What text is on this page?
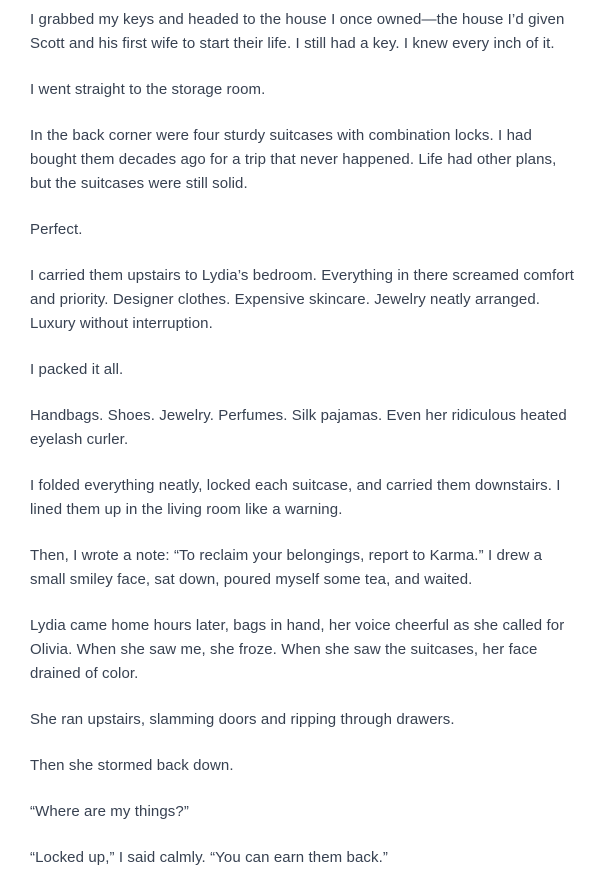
I grabbed my keys and headed to the house I once owned—the house I’d given Scott and his first wife to start their life. I still had a key. I knew every inch of it.

I went straight to the storage room.

In the back corner were four sturdy suitcases with combination locks. I had bought them decades ago for a trip that never happened. Life had other plans, but the suitcases were still solid.

Perfect.

I carried them upstairs to Lydia’s bedroom. Everything in there screamed comfort and priority. Designer clothes. Expensive skincare. Jewelry neatly arranged. Luxury without interruption.

I packed it all.

Handbags. Shoes. Jewelry. Perfumes. Silk pajamas. Even her ridiculous heated eyelash curler.

I folded everything neatly, locked each suitcase, and carried them downstairs. I lined them up in the living room like a warning.

Then, I wrote a note: “To reclaim your belongings, report to Karma.” I drew a small smiley face, sat down, poured myself some tea, and waited.

Lydia came home hours later, bags in hand, her voice cheerful as she called for Olivia. When she saw me, she froze. When she saw the suitcases, her face drained of color.

She ran upstairs, slamming doors and ripping through drawers.

Then she stormed back down.

“Where are my things?”

“Locked up,” I said calmly. “You can earn them back.”
